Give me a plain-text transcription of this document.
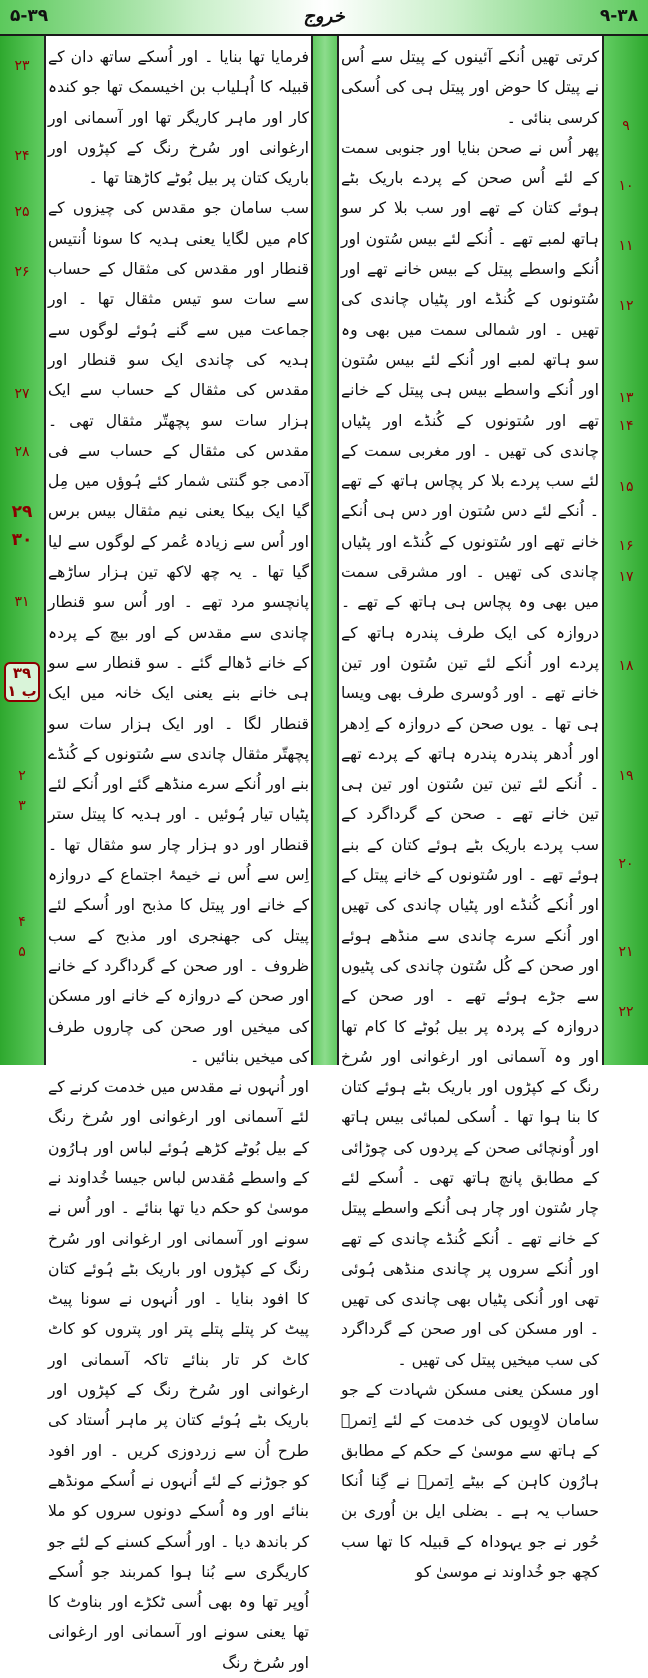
۵-۳۹	خروج	۹-۳۸

کرتی تھیں اُنکے آئینوں کے پیتل سے اُس نے پیتل کا حوض اور پیتل ہی کی اُسکی کرسی بنائی ۔

پھر اُس نے صحن بنایا اور جنوبی سمت کے لئے اُس صحن کے پردے باریک بٹے ہوئے کتان کے تھے اور سب بلا کر سو ہاتھ لمبے تھے ۔ اُنکے لئے بیس سُتون اور اُنکے واسطے پیتل کے بیس خانے تھے اور سُتونوں کے کُنڈے اور پٹیاں چاندی کی تھیں ۔ اور شمالی سمت میں بھی وہ سو ہاتھ لمبے اور اُنکے لئے بیس سُتون اور اُنکے واسطے بیس ہی پیتل کے خانے تھے اور سُتونوں کے کُنڈے اور پٹیاں چاندی کی تھیں ۔ اور مغربی سمت کے لئے سب پردے بلا کر پچاس ہاتھ کے تھے ۔ اُنکے لئے دس سُتون اور دس ہی اُنکے خانے تھے اور سُتونوں کے کُنڈے اور پٹیاں چاندی کی تھیں ۔ اور مشرقی سمت میں بھی وہ پچاس ہی ہاتھ کے تھے ۔ دروازہ کی ایک طرف پندرہ ہاتھ کے پردے اور اُنکے لئے تین سُتون اور تین خانے تھے ۔ اور دُوسری طرف بھی ویسا ہی تھا ۔ یوں صحن کے دروازہ کے اِدھر اور اُدھر پندرہ پندرہ ہاتھ کے پردے تھے ۔ اُنکے لئے تین تین سُتون اور تین ہی تین خانے تھے ۔ صحن کے گرداگرد کے سب پردے باریک بٹے ہوئے کتان کے بنے ہوئے تھے ۔ اور سُتونوں کے خانے پیتل کے اور اُنکے کُنڈے اور پٹیاں چاندی کی تھیں اور اُنکے سرے چاندی سے منڈھے ہوئے اور صحن کے کُل سُتون چاندی کی پٹیوں سے جڑے ہوئے تھے ۔ اور صحن کے دروازہ کے پردہ پر بیل بُوٹے کا کام تھا اور وہ آسمانی اور ارغوانی اور سُرخ رنگ کے کپڑوں اور باریک بٹے ہوئے کتان کا بنا ہوا تھا ۔ اُسکی لمبائی بیس ہاتھ اور اُونچائی صحن کے پردوں کی چوڑائی کے مطابق پانچ ہاتھ تھی ۔ اُسکے لئے چار سُتون اور چار ہی اُنکے واسطے پیتل کے خانے تھے ۔ اُنکے کُنڈے چاندی کے تھے اور اُنکے سروں پر چاندی منڈھی ہُوئی تھی اور اُنکی پٹیاں بھی چاندی کی تھیں ۔ اور مسکن کی اور صحن کے گرداگرد کی سب میخیں پیتل کی تھیں ۔

اور مسکن یعنی مسکن شہادت کے جو سامان لاوِیوں کی خدمت کے لئے اِتمرؔ کے ہاتھ سے موسیٰ کے حکم کے مطابق ہارُون کاہن کے بیٹے اِتمرؔ نے گِنا اُنکا حساب یہ ہے ۔ بضلی ایل بن اُوری بن حُور نے جو یہوداہ کے قبیلہ کا تھا سب کچھ جو خُداوند نے موسیٰ کو

فرمایا تھا بنایا ۔ اور اُسکے ساتھ دان کے قبیلہ کا اُہلیاب بن اخیسمک تھا جو کندہ کار اور ماہر کاریگر تھا اور آسمانی اور ارغوانی اور سُرخ رنگ کے کپڑوں اور باریک کتان پر بیل بُوٹے کاڑھتا تھا ۔

سب سامان جو مقدس کی چیزوں کے کام میں لگایا یعنی ہدیہ کا سونا اُنتیس قنطار اور مقدس کی مثقال کے حساب سے سات سو تیس مثقال تھا ۔ اور جماعت میں سے گنے ہُوئے لوگوں سے ہدیہ کی چاندی ایک سو قنطار اور مقدس کی مثقال کے حساب سے ایک ہزار سات سو پچھتّر مثقال تھی ۔ مقدس کی مثقال کے حساب سے فی آدمی جو گنتی شمار کئے ہُوؤں میں مِل گیا ایک بیکا یعنی نیم مثقال بیس برس اور اُس سے زیادہ عُمر کے لوگوں سے لیا گیا تھا ۔ یہ چھ لاکھ تین ہزار ساڑھے پانچسو مرد تھے ۔ اور اُس سو قنطار چاندی سے مقدس کے اور بیچ کے پردہ کے خانے ڈھالے گئے ۔ سو قنطار سے سو ہی خانے بنے یعنی ایک خانہ میں ایک قنطار لگا ۔ اور ایک ہزار سات سو پچھتّر مثقال چاندی سے سُتونوں کے کُنڈے بنے اور اُنکے سرے منڈھے گئے اور اُنکے لئے پٹیاں تیار ہُوئیں ۔ اور ہدیہ کا پیتل ستر قنطار اور دو ہزار چار سو مثقال تھا ۔ اِس سے اُس نے خیمۂ اجتماع کے دروازہ کے خانے اور پیتل کا مذبح اور اُسکے لئے پیتل کی جھنجری اور مذبح کے سب ظروف ۔ اور صحن کے گرداگرد کے خانے اور صحن کے دروازہ کے خانے اور مسکن کی میخیں اور صحن کی چاروں طرف کی میخیں بنائیں ۔

اور اُنہوں نے مقدس میں خدمت کرنے کے لئے آسمانی اور ارغوانی اور سُرخ رنگ کے بیل بُوٹے کڑھے ہُوئے لباس اور ہارُون کے واسطے مُقدس لباس جیسا خُداوند نے موسیٰ کو حکم دیا تھا بنائے ۔ اور اُس نے سونے اور آسمانی اور ارغوانی اور سُرخ رنگ کے کپڑوں اور باریک بٹے ہُوئے کتان کا افود بنایا ۔ اور اُنہوں نے سونا پیٹ پیٹ کر پتلے پتلے پتر اور پتروں کو کاٹ کاٹ کر تار بنائے تاکہ آسمانی اور ارغوانی اور سُرخ رنگ کے کپڑوں اور باریک بٹے ہُوئے کتان پر ماہر اُستاد کی طرح اُن سے زردوزی کریں ۔ اور افود کو جوڑنے کے لئے اُنہوں نے اُسکے مونڈھے بنائے اور وہ اُسکے دونوں سروں کو ملا کر باندھ دیا ۔ اور اُسکے کسنے کے لئے جو کاریگری سے بُنا ہوا کمربند جو اُسکے اُوپر تھا وہ بھی اُسی ٹکڑے اور بناوٹ کا تھا یعنی سونے اور آسمانی اور ارغوانی اور سُرخ رنگ

۹
۱۰
۱۱
۱۲
۱۳
۱۴
۱۵
۱۶
۱۷
۱۸
۱۹
۲۰
۲۱
۲۲
۲۳
۲۴
۲۵
۲۶
۲۷
۲۸
۲۹
۳۰
۳۱
۳۹
ب ۱
۲
۳
۴
۵
